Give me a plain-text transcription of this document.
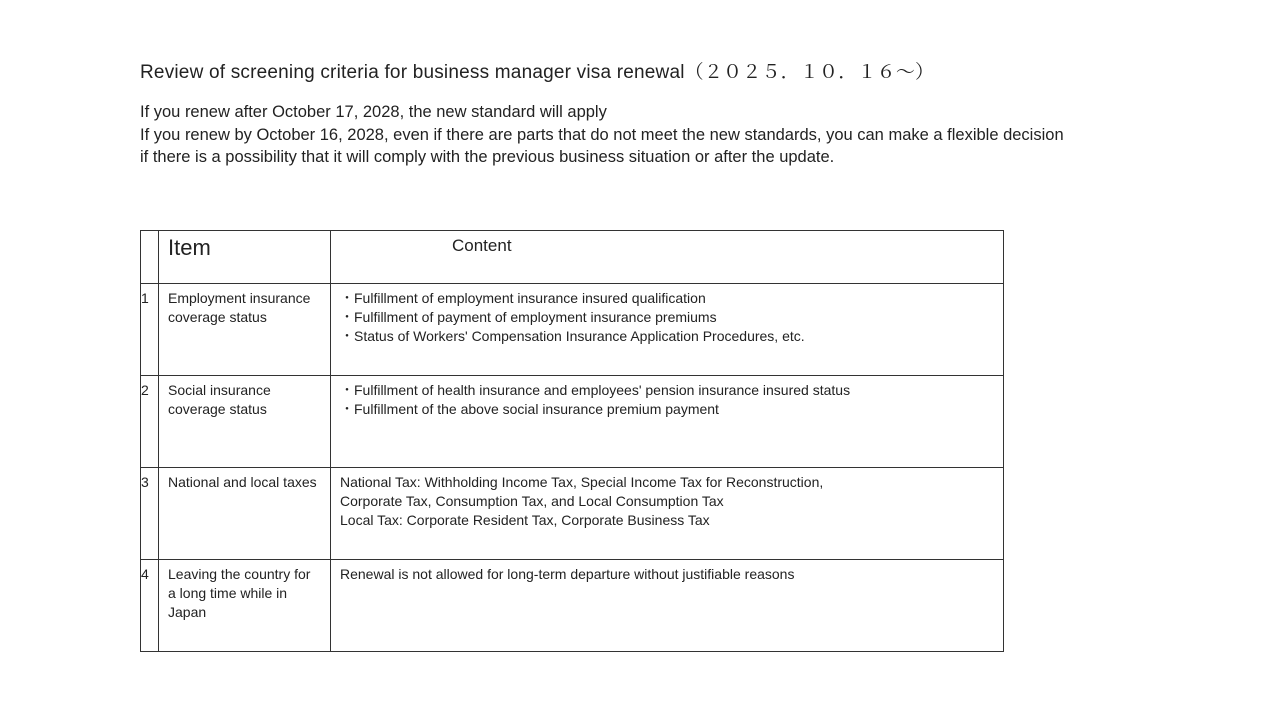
Review of screening criteria for business manager visa renewal（２０２５．１０．１６～）

If you renew after October 17, 2028, the new standard will apply

If you renew by October 16, 2028, even if there are parts that do not meet the new standards, you can make a flexible decision if there is a possibility that it will comply with the previous business situation or after the update.

	Item	Content
1	Employment insurance coverage status	・Fulfillment of employment insurance insured qualification
・Fulfillment of payment of employment insurance premiums
・Status of Workers' Compensation Insurance Application Procedures, etc.

2	Social insurance coverage status	・Fulfillment of health insurance and employees' pension insurance insured status
・Fulfillment of the above social insurance premium payment

3	National and local taxes	National Tax: Withholding Income Tax, Special Income Tax for Reconstruction,
Corporate Tax, Consumption Tax, and Local Consumption Tax
Local Tax: Corporate Resident Tax, Corporate Business Tax

4	Leaving the country for a long time while in Japan	Renewal is not allowed for long-term departure without justifiable reasons
